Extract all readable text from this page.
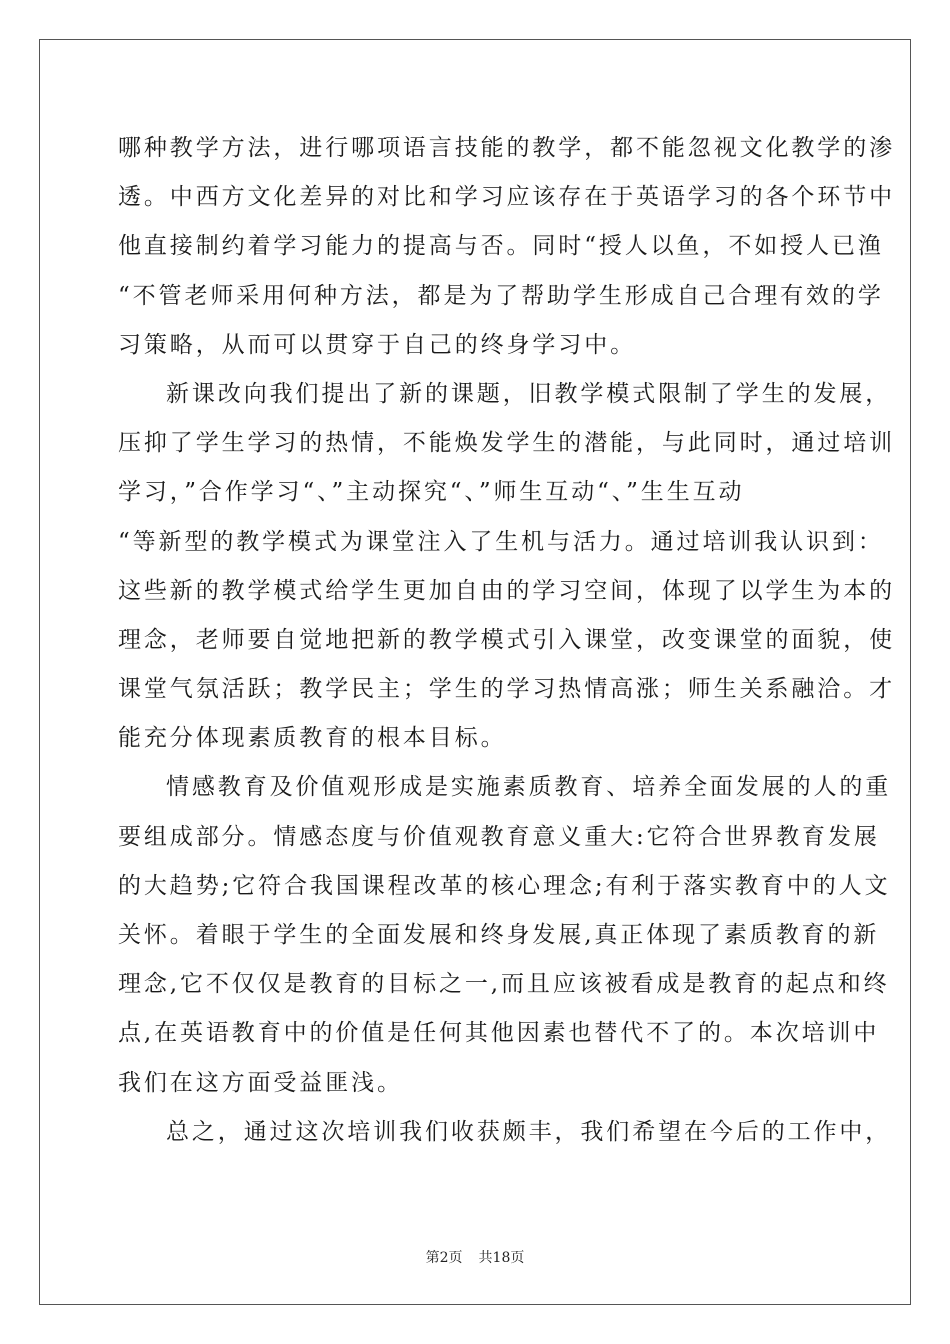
哪种教学方法，进行哪项语言技能的教学，都不能忽视文化教学的渗
透。中西方文化差异的对比和学习应该存在于英语学习的各个环节中
他直接制约着学习能力的提高与否。同时“授人以鱼，不如授人已渔
“不管老师采用何种方法，都是为了帮助学生形成自己合理有效的学
习策略，从而可以贯穿于自己的终身学习中。
新课改向我们提出了新的课题，旧教学模式限制了学生的发展，
压抑了学生学习的热情，不能焕发学生的潜能，与此同时，通过培训
学习，”合作学习“、”主动探究“、”师生互动“、”生生互动
“等新型的教学模式为课堂注入了生机与活力。通过培训我认识到：
这些新的教学模式给学生更加自由的学习空间，体现了以学生为本的
理念，老师要自觉地把新的教学模式引入课堂，改变课堂的面貌，使
课堂气氛活跃；教学民主；学生的学习热情高涨；师生关系融洽。才
能充分体现素质教育的根本目标。
情感教育及价值观形成是实施素质教育、培养全面发展的人的重
要组成部分。情感态度与价值观教育意义重大:它符合世界教育发展
的大趋势;它符合我国课程改革的核心理念;有利于落实教育中的人文
关怀。着眼于学生的全面发展和终身发展,真正体现了素质教育的新
理念,它不仅仅是教育的目标之一,而且应该被看成是教育的起点和终
点,在英语教育中的价值是任何其他因素也替代不了的。本次培训中
我们在这方面受益匪浅。
总之，通过这次培训我们收获颇丰，我们希望在今后的工作中，
第2页 共18页
